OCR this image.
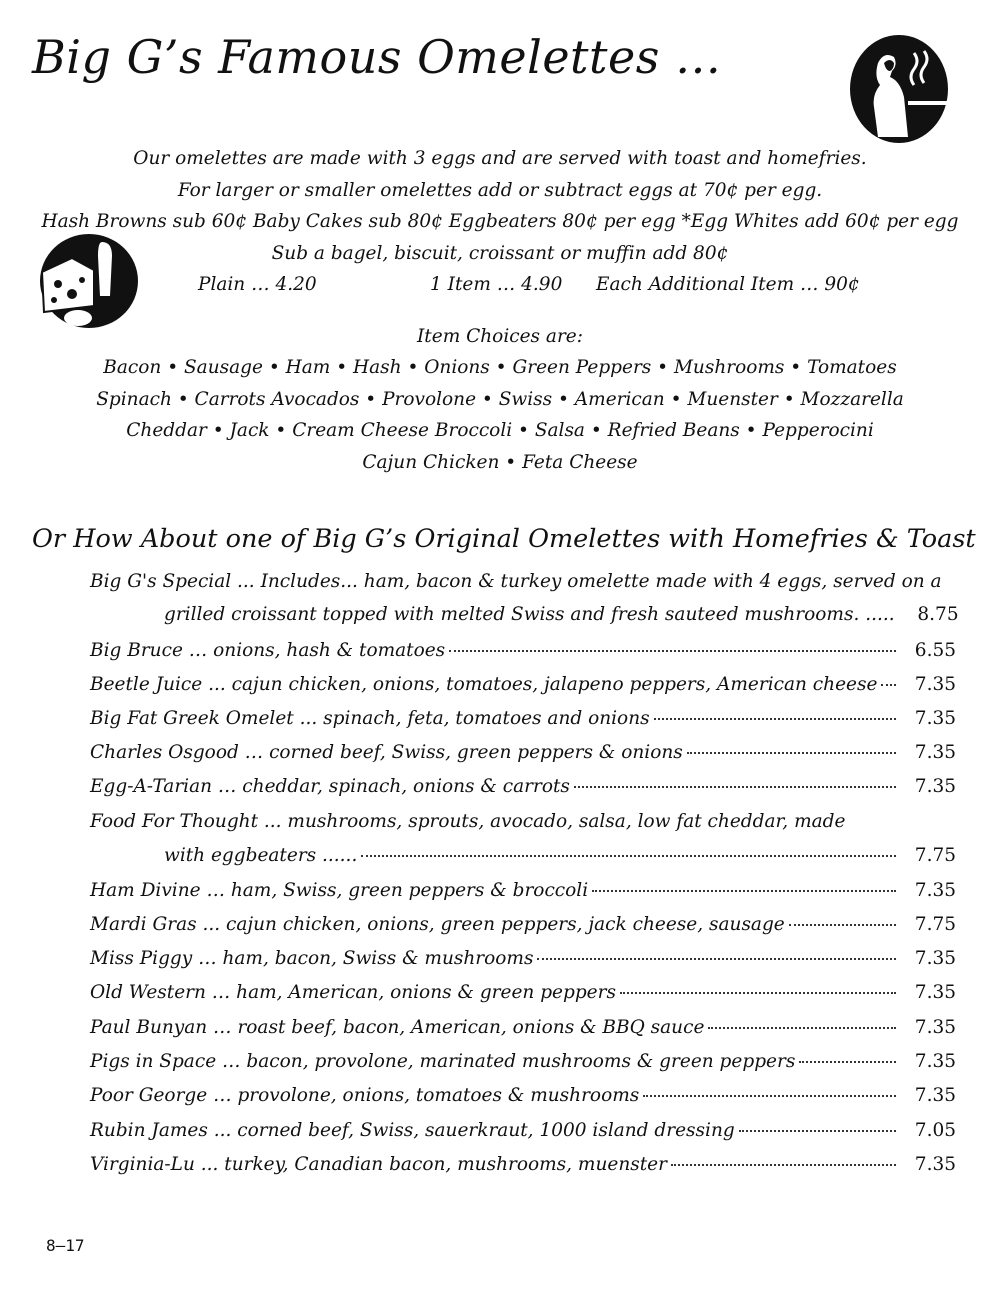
Big G’s Famous Omelettes …
Our omelettes are made with 3 eggs and are served with toast and homefries.
For larger or smaller omelettes add or subtract eggs at 70¢ per egg.
Hash Browns sub 60¢ Baby Cakes sub 80¢ Eggbeaters 80¢ per egg *Egg Whites add 60¢ per egg
Sub a bagel, biscuit, croissant or muffin add 80¢
Plain … 4.20	1 Item … 4.90 Each Additional Item … 90¢
Item Choices are:
Bacon • Sausage • Ham • Hash • Onions • Green Peppers • Mushrooms • Tomatoes
Spinach • Carrots Avocados • Provolone • Swiss • American • Muenster • Mozzarella
Cheddar • Jack • Cream Cheese Broccoli • Salsa • Refried Beans • Pepperocini
Cajun Chicken • Feta Cheese
Or How About one of Big G’s Original Omelettes with Homefries & Toast
Big G's Special ... Includes... ham, bacon & turkey omelette made with 4 eggs, served on a
grilled croissant topped with melted Swiss and fresh sauteed mushrooms. .....	8.75
Big Bruce … onions, hash & tomatoes	6.55
Beetle Juice ... cajun chicken, onions, tomatoes, jalapeno peppers, American cheese	7.35
Big Fat Greek Omelet ... spinach, feta, tomatoes and onions	7.35
Charles Osgood … corned beef, Swiss, green peppers & onions	7.35
Egg-A-Tarian … cheddar, spinach, onions & carrots	7.35
Ham Divine … ham, Swiss, green peppers & broccoli	7.35
Mardi Gras ... cajun chicken, onions, green peppers, jack cheese, sausage	7.75
Miss Piggy … ham, bacon, Swiss & mushrooms	7.35
Old Western … ham, American, onions & green peppers	7.35
Paul Bunyan … roast beef, bacon, American, onions & BBQ sauce	7.35
Pigs in Space … bacon, provolone, marinated mushrooms & green peppers	7.35
Poor George … provolone, onions, tomatoes & mushrooms	7.35
Rubin James ... corned beef, Swiss, sauerkraut, 1000 island dressing	7.05
Virginia-Lu ... turkey, Canadian bacon, mushrooms, muenster	7.35
Food For Thought ... mushrooms, sprouts, avocado, salsa, low fat cheddar, made
with eggbeaters ......	7.75
8–17
